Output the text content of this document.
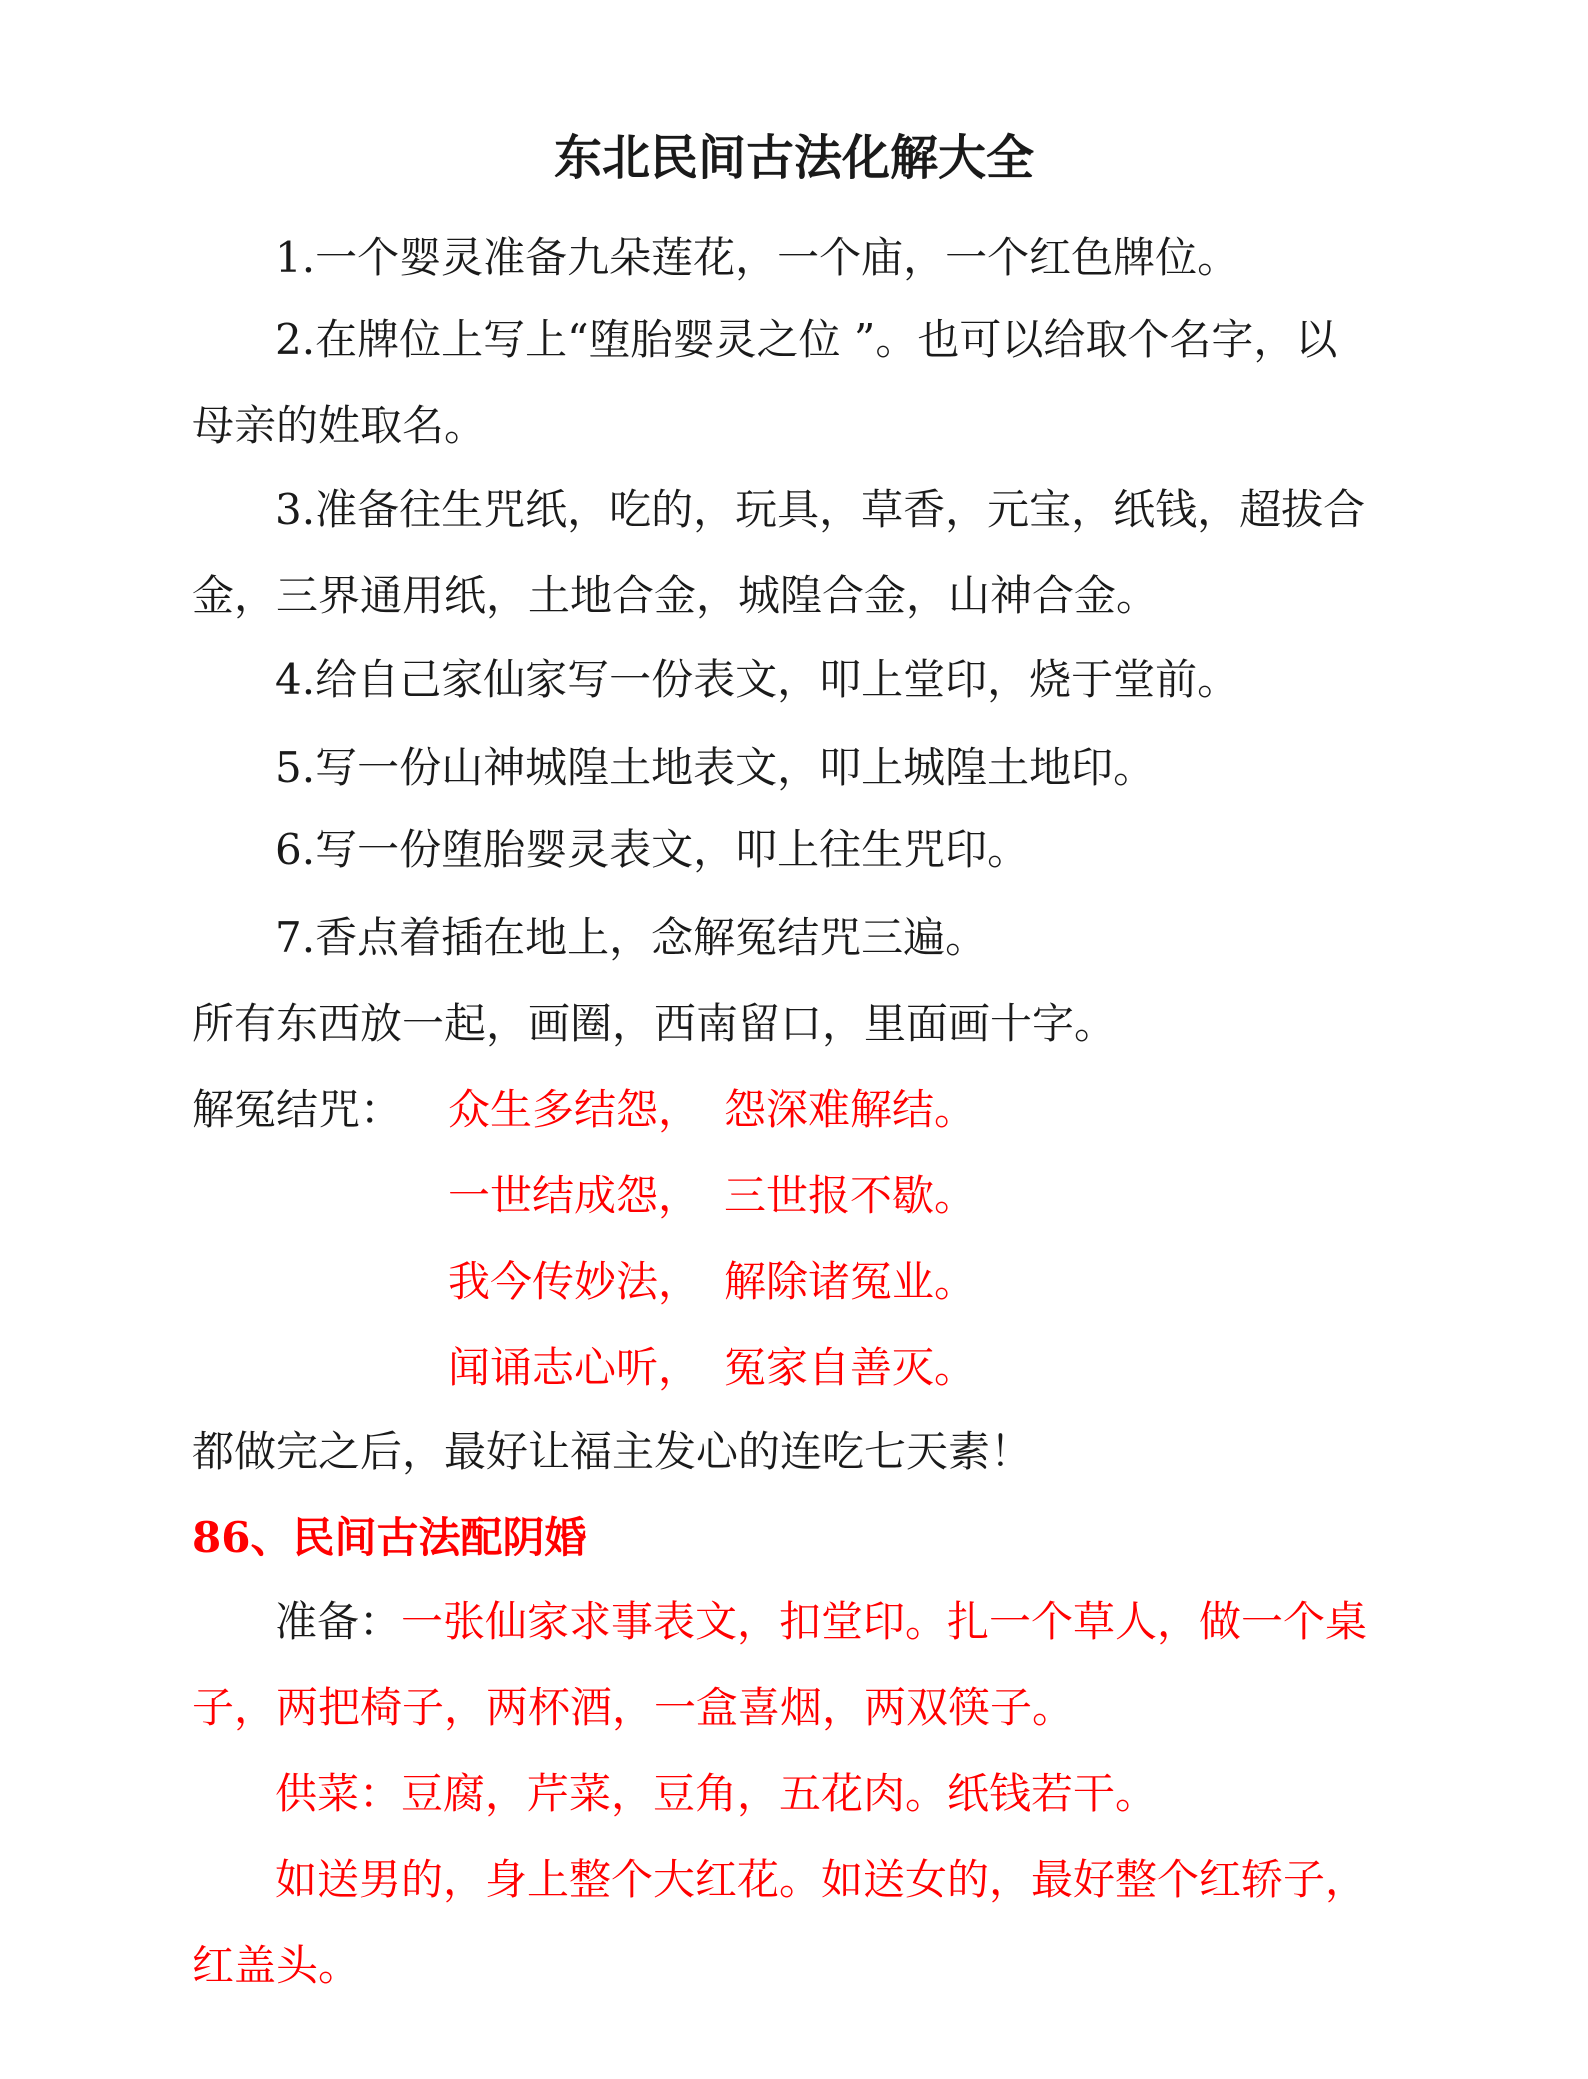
东北民间古法化解大全
1.一个婴灵准备九朵莲花，一个庙，一个红色牌位。
2.在牌位上写上“堕胎婴灵之位 ”。也可以给取个名字，以
母亲的姓取名。
3.准备往生咒纸，吃的，玩具，草香，元宝，纸钱，超拔合
金，三界通用纸，土地合金，城隍合金，山神合金。
4.给自己家仙家写一份表文，叩上堂印，烧于堂前。
5.写一份山神城隍土地表文，叩上城隍土地印。
6.写一份堕胎婴灵表文，叩上往生咒印。
7.香点着插在地上，念解冤结咒三遍。
所有东西放一起，画圈，西南留口，里面画十字。
解冤结咒： 众生多结怨， 怨深难解结。
一世结成怨， 三世报不歇。
我今传妙法， 解除诸冤业。
闻诵志心听， 冤家自善灭。
都做完之后，最好让福主发心的连吃七天素！
86、民间古法配阴婚
准备：一张仙家求事表文，扣堂印。扎一个草人，做一个桌
子，两把椅子，两杯酒，一盒喜烟，两双筷子。
供菜：豆腐，芹菜，豆角，五花肉。纸钱若干。
如送男的，身上整个大红花。如送女的，最好整个红轿子，
红盖头。
